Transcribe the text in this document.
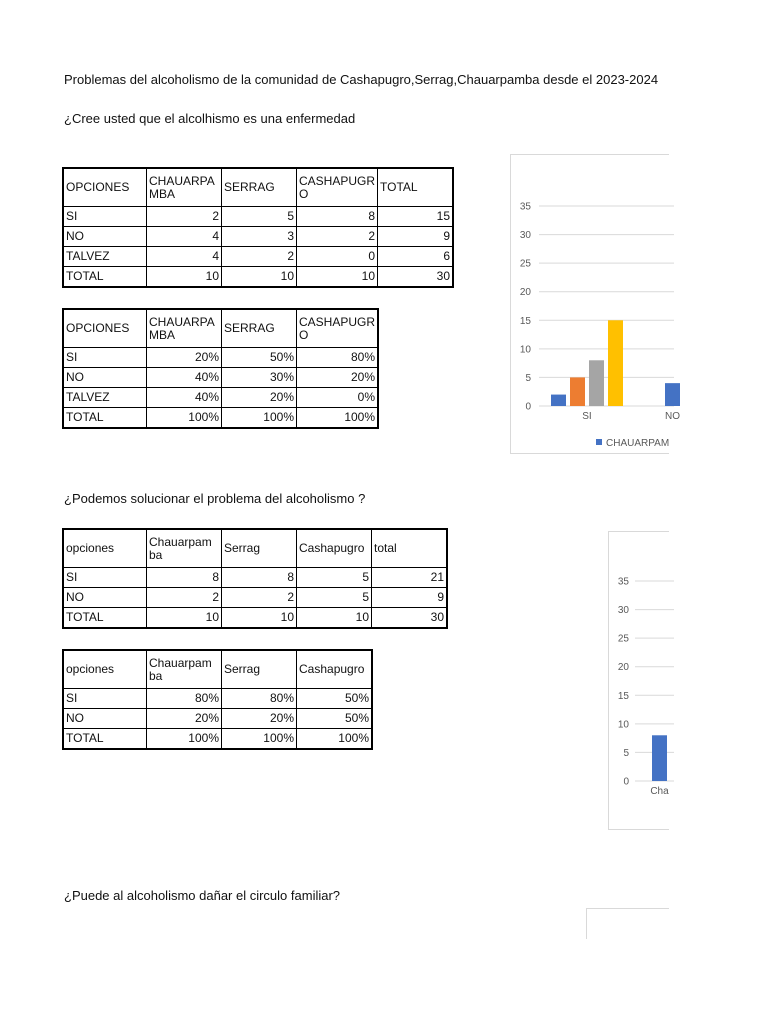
Problemas del alcoholismo de la comunidad de Cashapugro,Serrag,Chauarpamba desde el 2023-2024
¿Cree usted que el alcolhismo es una enfermedad
OPCIONES	CHAUARPA MBA	SERRAG	CASHAPUGR O	TOTAL
SI	2	5	8	15
NO	4	3	2	9
TALVEZ	4	2	0	6
TOTAL	10	10	10	30
OPCIONES	CHAUARPA MBA	SERRAG	CASHAPUGR O
SI	20%	50%	80%
NO	40%	30%	20%
TALVEZ	40%	20%	0%
TOTAL	100%	100%	100%
0
5
10
15
20
25
30
35
SI	NO
CHAUARPAM
¿Podemos solucionar el problema del alcoholismo ?
opciones	Chauarpam ba	Serrag	Cashapugro	total
SI	8	8	5	21
NO	2	2	5	9
TOTAL	10	10	10	30
opciones	Chauarpam ba	Serrag	Cashapugro
SI	80%	80%	50%
NO	20%	20%	50%
TOTAL	100%	100%	100%
0
5
10
15
20
25
30
35
Cha
¿Puede al alcoholismo dañar el circulo familiar?
